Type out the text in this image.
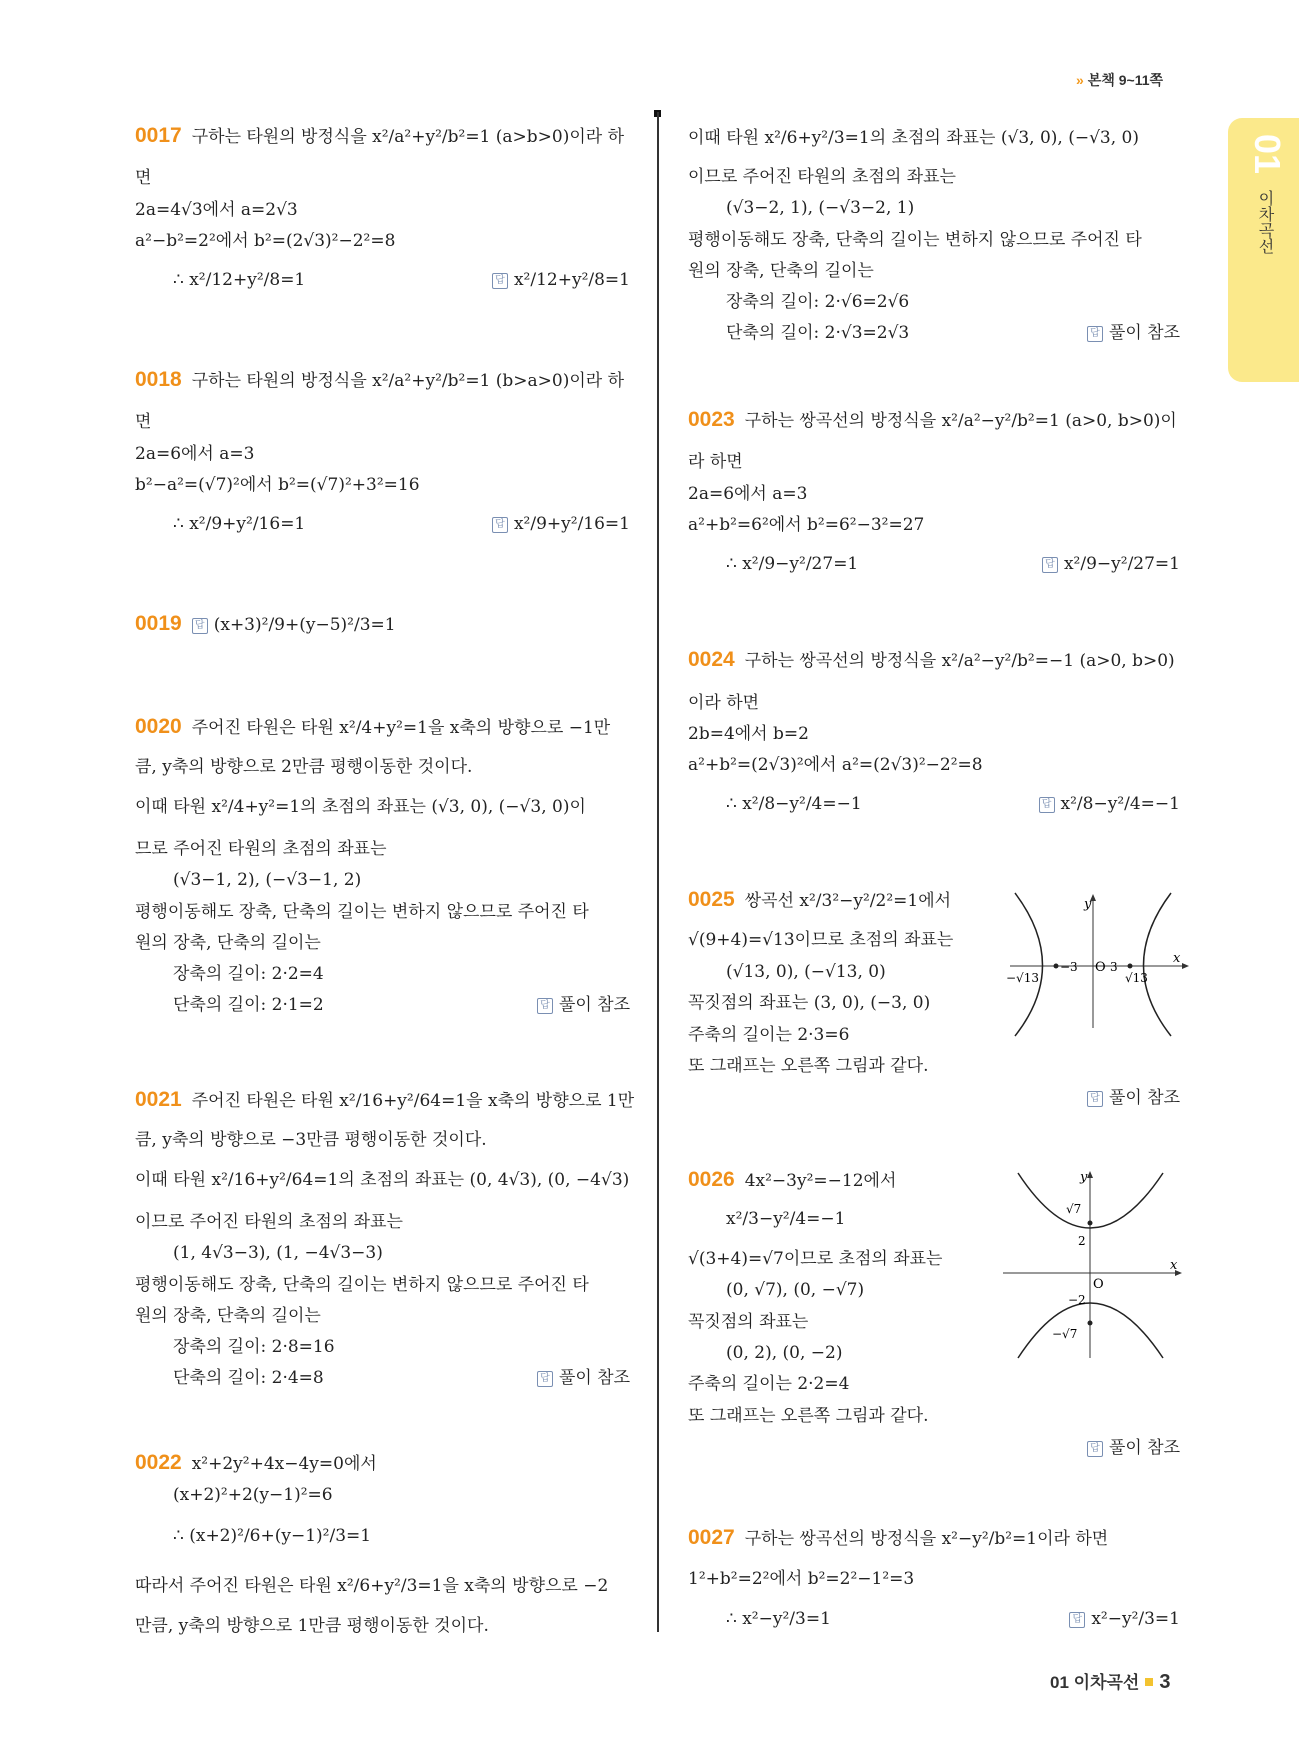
» 본책 9~11쪽
01
이차곡선
0017 구하는 타원의 방정식을 x²/a²+y²/b²=1 (a>b>0)이라 하
면
2a=4√3에서 a=2√3
a²−b²=2²에서 b²=(2√3)²−2²=8
∴ x²/12+y²/8=1	답 x²/12+y²/8=1
0018 구하는 타원의 방정식을 x²/a²+y²/b²=1 (b>a>0)이라 하
면
2a=6에서 a=3
b²−a²=(√7)²에서 b²=(√7)²+3²=16
∴ x²/9+y²/16=1	답 x²/9+y²/16=1
0019 답 (x+3)²/9+(y−5)²/3=1
0020 주어진 타원은 타원 x²/4+y²=1을 x축의 방향으로 −1만
큼, y축의 방향으로 2만큼 평행이동한 것이다.
이때 타원 x²/4+y²=1의 초점의 좌표는 (√3, 0), (−√3, 0)이
므로 주어진 타원의 초점의 좌표는
(√3−1, 2), (−√3−1, 2)
평행이동해도 장축, 단축의 길이는 변하지 않으므로 주어진 타
원의 장축, 단축의 길이는
장축의 길이: 2·2=4
단축의 길이: 2·1=2	답 풀이 참조
0021 주어진 타원은 타원 x²/16+y²/64=1을 x축의 방향으로 1만
큼, y축의 방향으로 −3만큼 평행이동한 것이다.
이때 타원 x²/16+y²/64=1의 초점의 좌표는 (0, 4√3), (0, −4√3)
이므로 주어진 타원의 초점의 좌표는
(1, 4√3−3), (1, −4√3−3)
평행이동해도 장축, 단축의 길이는 변하지 않으므로 주어진 타
원의 장축, 단축의 길이는
장축의 길이: 2·8=16
단축의 길이: 2·4=8	답 풀이 참조
0022 x²+2y²+4x−4y=0에서
(x+2)²+2(y−1)²=6
∴ (x+2)²/6+(y−1)²/3=1
따라서 주어진 타원은 타원 x²/6+y²/3=1을 x축의 방향으로 −2
만큼, y축의 방향으로 1만큼 평행이동한 것이다.
이때 타원 x²/6+y²/3=1의 초점의 좌표는 (√3, 0), (−√3, 0)
이므로 주어진 타원의 초점의 좌표는
(√3−2, 1), (−√3−2, 1)
평행이동해도 장축, 단축의 길이는 변하지 않으므로 주어진 타
원의 장축, 단축의 길이는
장축의 길이: 2·√6=2√6
단축의 길이: 2·√3=2√3	답 풀이 참조
0023 구하는 쌍곡선의 방정식을 x²/a²−y²/b²=1 (a>0, b>0)이
라 하면
2a=6에서 a=3
a²+b²=6²에서 b²=6²−3²=27
∴ x²/9−y²/27=1	답 x²/9−y²/27=1
0024 구하는 쌍곡선의 방정식을 x²/a²−y²/b²=−1 (a>0, b>0)
이라 하면
2b=4에서 b=2
a²+b²=(2√3)²에서 a²=(2√3)²−2²=8
∴ x²/8−y²/4=−1	답 x²/8−y²/4=−1
0025 쌍곡선 x²/3²−y²/2²=1에서
√(9+4)=√13이므로 초점의 좌표는
(√13, 0), (−√13, 0)
꼭짓점의 좌표는 (3, 0), (−3, 0)
주축의 길이는 2·3=6
또 그래프는 오른쪽 그림과 같다.
답 풀이 참조
0026 4x²−3y²=−12에서
x²/3−y²/4=−1
√(3+4)=√7이므로 초점의 좌표는
(0, √7), (0, −√7)
꼭짓점의 좌표는
(0, 2), (0, −2)
주축의 길이는 2·2=4
또 그래프는 오른쪽 그림과 같다.
답 풀이 참조
0027 구하는 쌍곡선의 방정식을 x²−y²/b²=1이라 하면
1²+b²=2²에서 b²=2²−1²=3
∴ x²−y²/3=1	답 x²−y²/3=1
y
x
O
−√13
−3	3
√13
y
x
O
√7
2
−2
−√7
01 이차곡선 3
